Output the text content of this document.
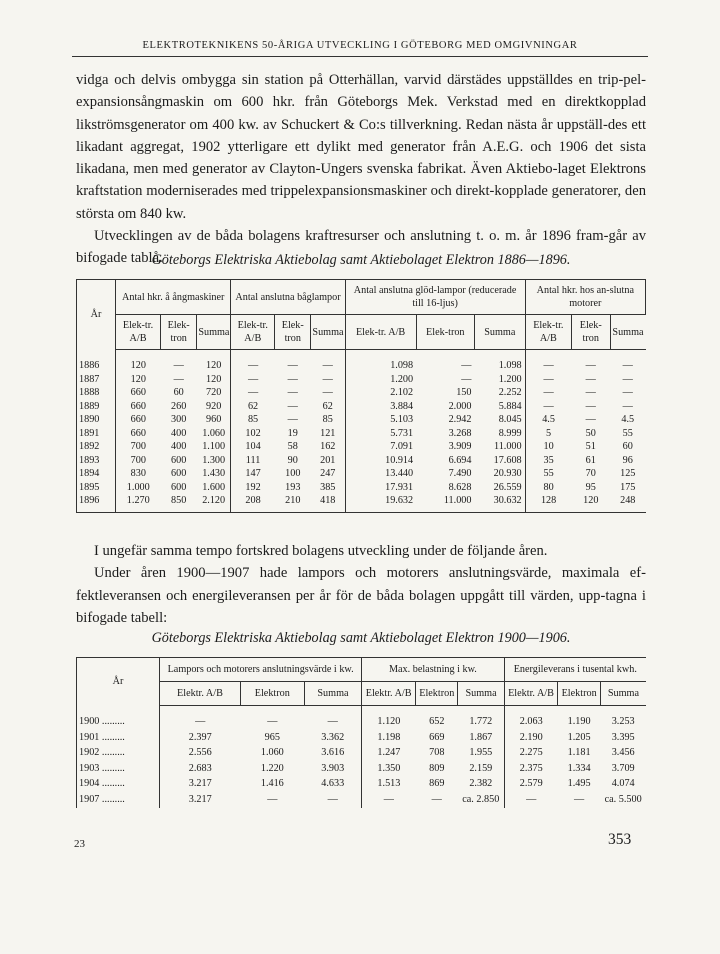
ELEKTROTEKNIKENS 50-ÅRIGA UTVECKLING I GÖTEBORG MED OMGIVNINGAR

vidga och delvis ombygga sin station på Otterhällan, varvid därstädes uppställdes en trip-pel-expansionsångmaskin om 600 hkr. från Göteborgs Mek. Verkstad med en direktkopplad likströmsgenerator om 400 kw. av Schuckert & Co:s tillverkning. Redan nästa år uppställ-des ett likadant aggregat, 1902 ytterligare ett dylikt med generator från A.E.G. och 1906 det sista likadana, men med generator av Clayton-Ungers svenska fabrikat. Även Aktiebo-laget Elektrons kraftstation moderniserades med trippelexpansionsmaskiner och direkt-kopplade generatorer, den största om 840 kw.

Utvecklingen av de båda bolagens kraftresurser och anslutning t. o. m. år 1896 fram-går av bifogade tablå.

Göteborgs Elektriska Aktiebolag samt Aktiebolaget Elektron 1886—1896.
År	Antal hkr. å ångmaskiner			Antal anslutna båglampor			Antal anslutna glöd-lampor (reducerade till 16-ljus)			Antal hkr. hos an-slutna motorer		
	Elek-tr. A/B	Elek-tron	Summa	Elek-tr. A/B	Elek-tron	Summa	Elek-tr. A/B	Elek-tron	Summa	Elek-tr. A/B	Elek-tron	Summa
1886	120	—	120	—	—	—	1.098	—	1.098	—	—	—
1887	120	—	120	—	—	—	1.200	—	1.200	—	—	—
1888	660	60	720	—	—	—	2.102	150	2.252	—	—	—
1889	660	260	920	62	—	62	3.884	2.000	5.884	—	—	—
1890	660	300	960	85	—	85	5.103	2.942	8.045	4.5	—	4.5
1891	660	400	1.060	102	19	121	5.731	3.268	8.999	5	50	55
1892	700	400	1.100	104	58	162	7.091	3.909	11.000	10	51	60
1893	700	600	1.300	111	90	201	10.914	6.694	17.608	35	61	96
1894	830	600	1.430	147	100	247	13.440	7.490	20.930	55	70	125
1895	1.000	600	1.600	192	193	385	17.931	8.628	26.559	80	95	175
1896	1.270	850	2.120	208	210	418	19.632	11.000	30.632	128	120	248

I ungefär samma tempo fortskred bolagens utveckling under de följande åren.

Under åren 1900—1907 hade lampors och motorers anslutningsvärde, maximala ef-fektleveransen och energileveransen per år för de båda bolagen uppgått till värden, upp-tagna i bifogade tabell:

Göteborgs Elektriska Aktiebolag samt Aktiebolaget Elektron 1900—1906.
År	Lampors och motorers anslutningsvärde i kw.			Max. belastning i kw.			Energileverans i tusental kwh.		
	Elektr. A/B	Elektron	Summa	Elektr. A/B	Elektron	Summa	Elektr. A/B	Elektron	Summa
1900 .........	—	—	—	1.120	652	1.772	2.063	1.190	3.253
1901 .........	2.397	965	3.362	1.198	669	1.867	2.190	1.205	3.395
1902 .........	2.556	1.060	3.616	1.247	708	1.955	2.275	1.181	3.456
1903 .........	2.683	1.220	3.903	1.350	809	2.159	2.375	1.334	3.709
1904 .........	3.217	1.416	4.633	1.513	869	2.382	2.579	1.495	4.074
1907 .........	3.217	—	—	—	—	ca. 2.850	—	—	ca. 5.500
23	353
